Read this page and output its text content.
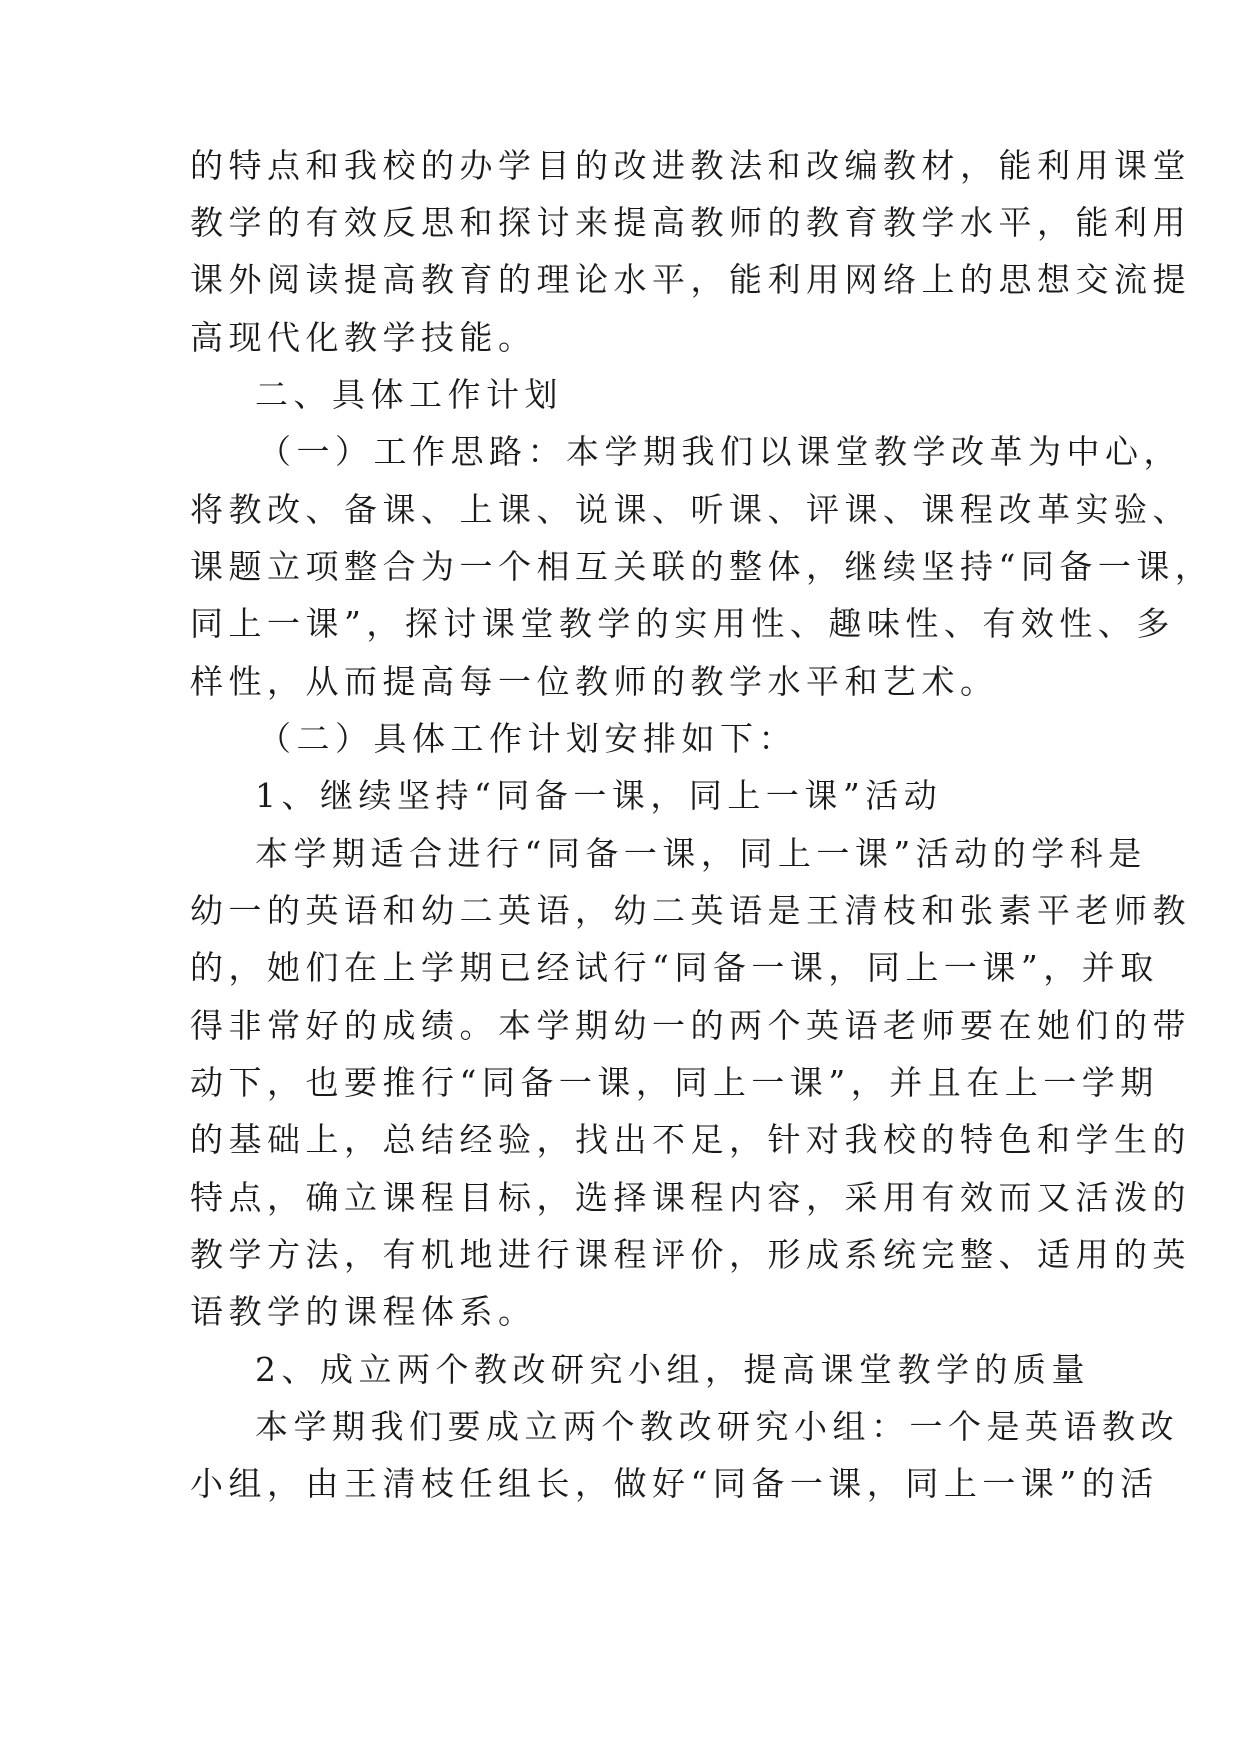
的特点和我校的办学目的改进教法和改编教材，能利用课堂
教学的有效反思和探讨来提高教师的教育教学水平，能利用
课外阅读提高教育的理论水平，能利用网络上的思想交流提
高现代化教学技能。
二、具体工作计划
（一）工作思路：本学期我们以课堂教学改革为中心，
将教改、备课、上课、说课、听课、评课、课程改革实验、
课题立项整合为一个相互关联的整体，继续坚持“同备一课，
同上一课”，探讨课堂教学的实用性、趣味性、有效性、多
样性，从而提高每一位教师的教学水平和艺术。
（二）具体工作计划安排如下：
1、继续坚持“同备一课，同上一课”活动
本学期适合进行“同备一课，同上一课”活动的学科是
幼一的英语和幼二英语，幼二英语是王清枝和张素平老师教
的，她们在上学期已经试行“同备一课，同上一课”，并取
得非常好的成绩。本学期幼一的两个英语老师要在她们的带
动下，也要推行“同备一课，同上一课”，并且在上一学期
的基础上，总结经验，找出不足，针对我校的特色和学生的
特点，确立课程目标，选择课程内容，采用有效而又活泼的
教学方法，有机地进行课程评价，形成系统完整、适用的英
语教学的课程体系。
2、成立两个教改研究小组，提高课堂教学的质量
本学期我们要成立两个教改研究小组：一个是英语教改
小组，由王清枝任组长，做好“同备一课，同上一课”的活
